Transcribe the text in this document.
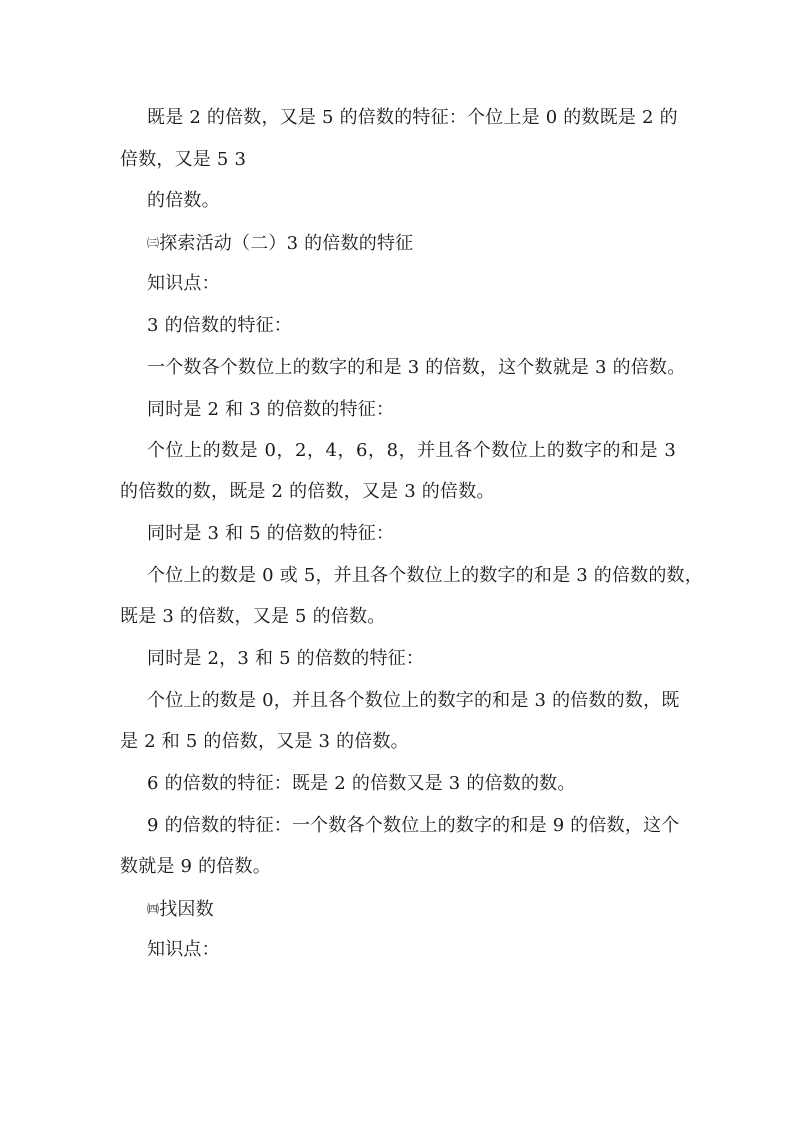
既是 2 的倍数，又是 5 的倍数的特征：个位上是 0 的数既是 2 的
倍数，又是 5 3
的倍数。
㈢探索活动（二）3 的倍数的特征
知识点：
3 的倍数的特征：
一个数各个数位上的数字的和是 3 的倍数，这个数就是 3 的倍数。
同时是 2 和 3 的倍数的特征：
个位上的数是 0，2，4，6，8，并且各个数位上的数字的和是 3
的倍数的数，既是 2 的倍数，又是 3 的倍数。
同时是 3 和 5 的倍数的特征：
个位上的数是 0 或 5，并且各个数位上的数字的和是 3 的倍数的数，
既是 3 的倍数，又是 5 的倍数。
同时是 2，3 和 5 的倍数的特征：
个位上的数是 0，并且各个数位上的数字的和是 3 的倍数的数，既
是 2 和 5 的倍数，又是 3 的倍数。
6 的倍数的特征：既是 2 的倍数又是 3 的倍数的数。
9 的倍数的特征：一个数各个数位上的数字的和是 9 的倍数，这个
数就是 9 的倍数。
㈣找因数
知识点：
